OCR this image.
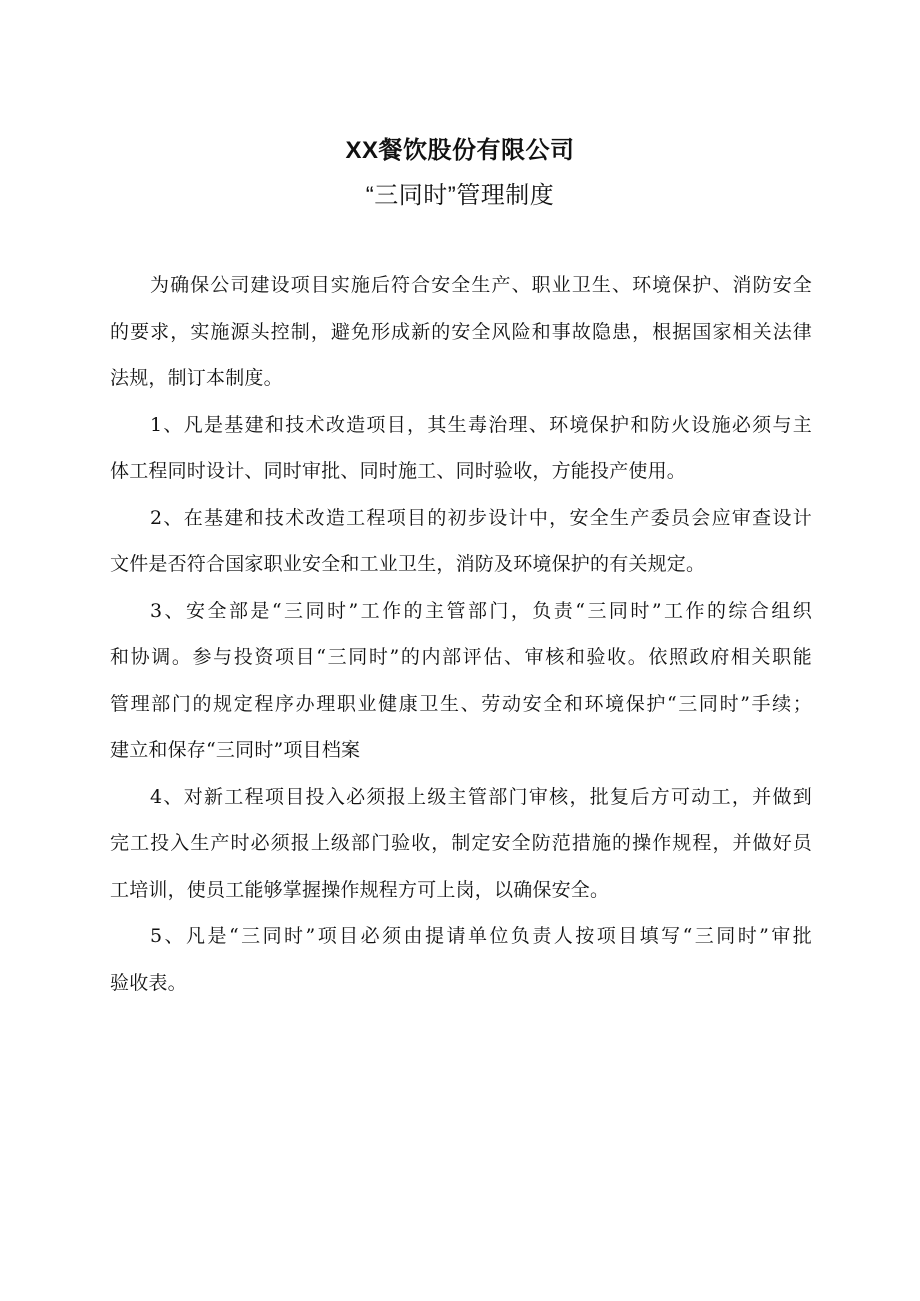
XX餐饮股份有限公司
“三同时”管理制度
为确保公司建设项目实施后符合安全生产、职业卫生、环境保护、消防安全
的要求，实施源头控制，避免形成新的安全风险和事故隐患，根据国家相关法律
法规，制订本制度。
1、凡是基建和技术改造项目，其生毒治理、环境保护和防火设施必须与主
体工程同时设计、同时审批、同时施工、同时验收，方能投产使用。
2、在基建和技术改造工程项目的初步设计中，安全生产委员会应审查设计
文件是否符合国家职业安全和工业卫生，消防及环境保护的有关规定。
3、安全部是“三同时”工作的主管部门，负责“三同时”工作的综合组织
和协调。参与投资项目“三同时”的内部评估、审核和验收。依照政府相关职能
管理部门的规定程序办理职业健康卫生、劳动安全和环境保护“三同时”手续；
建立和保存“三同时”项目档案
4、对新工程项目投入必须报上级主管部门审核，批复后方可动工，并做到
完工投入生产时必须报上级部门验收，制定安全防范措施的操作规程，并做好员
工培训，使员工能够掌握操作规程方可上岗，以确保安全。
5、凡是“三同时”项目必须由提请单位负责人按项目填写“三同时”审批
验收表。
